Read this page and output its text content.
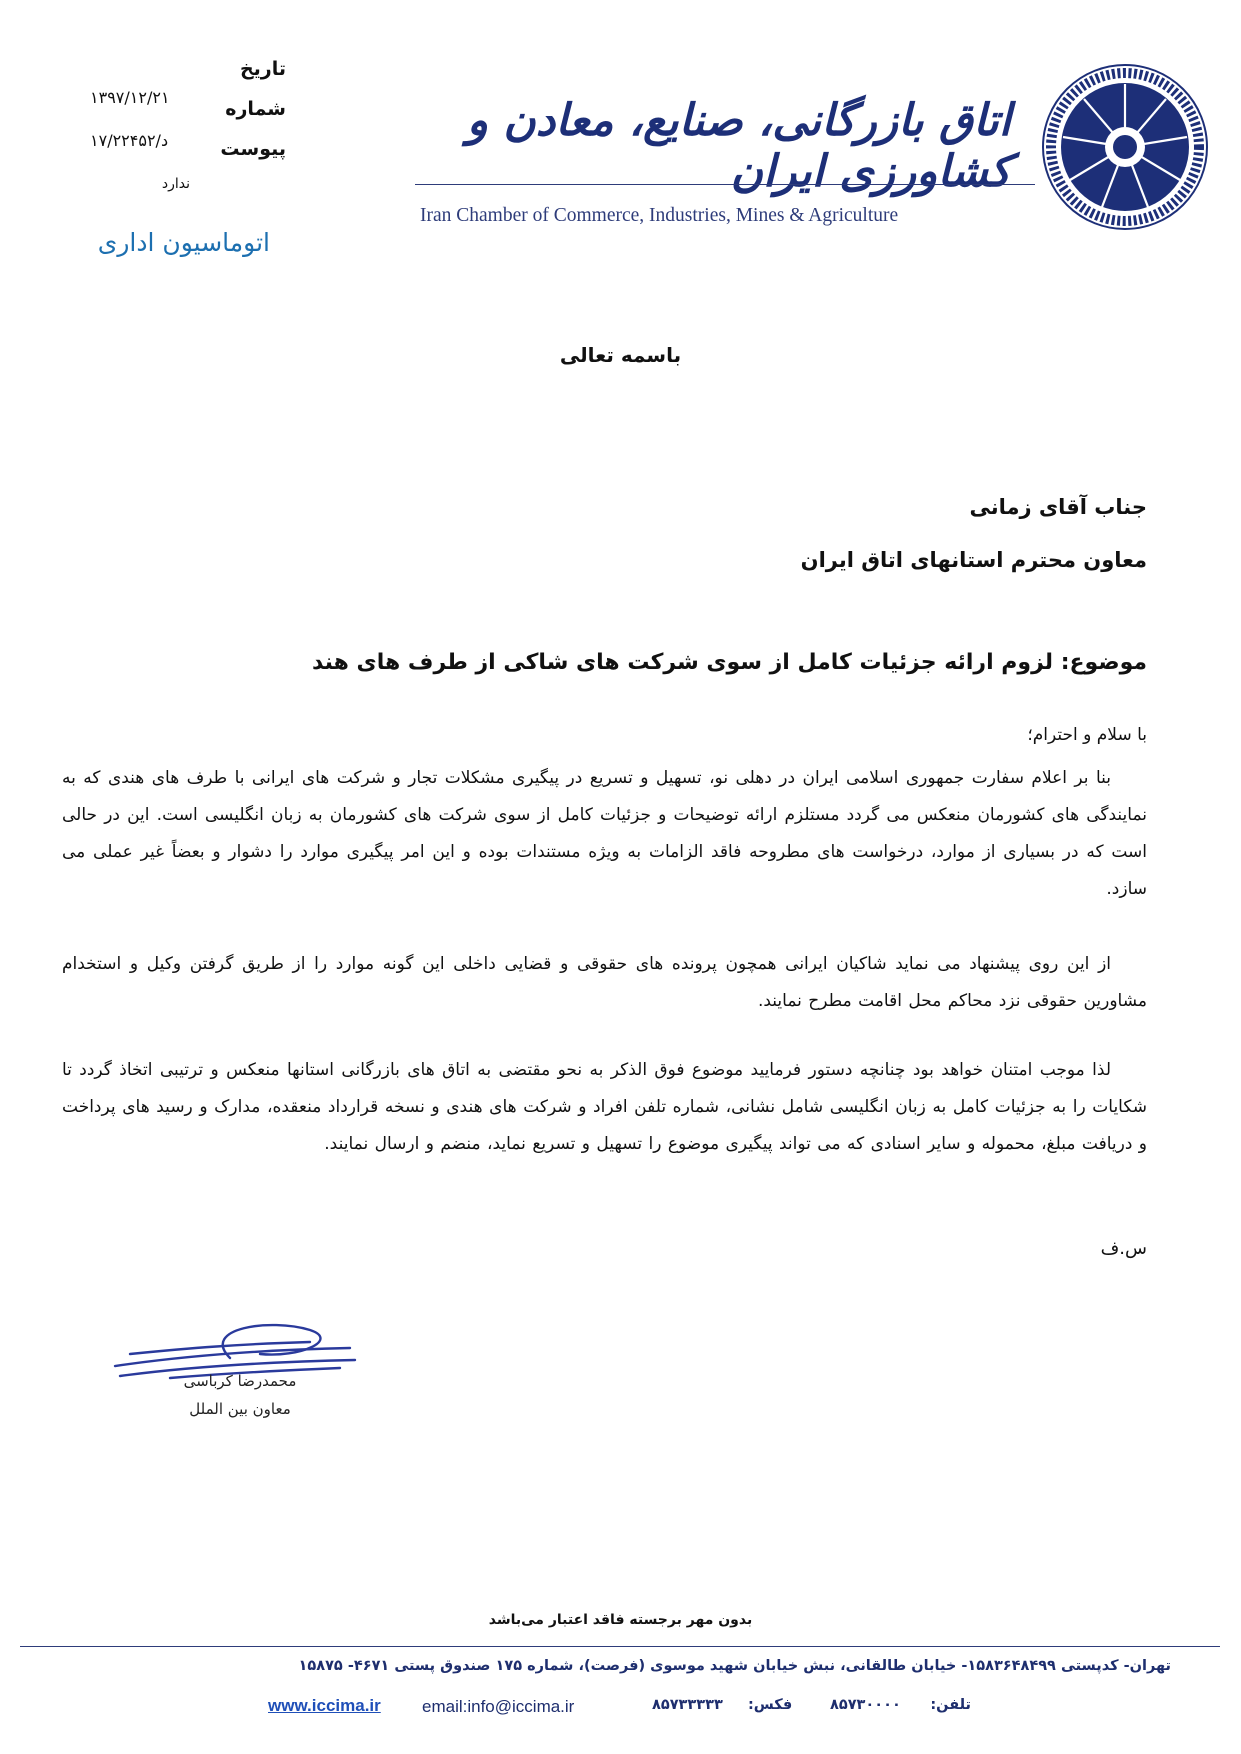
اتاق بازرگانی، صنایع، معادن و کشاورزی ایران
Iran Chamber of Commerce, Industries, Mines & Agriculture
تاریخ
شماره
پیوست
۱۳۹۷/۱۲/۲۱
۱۷/۲۲۴۵۲/د
ندارد
اتوماسیون اداری
باسمه تعالی
جناب آقای زمانی
معاون محترم استانهای اتاق ایران
موضوع: لزوم ارائه جزئیات کامل از سوی شرکت های شاکی از طرف های هند
با سلام و احترام؛
بنا بر اعلام سفارت جمهوری اسلامی ایران در دهلی نو، تسهیل و تسریع در پیگیری مشکلات تجار و شرکت های ایرانی با طرف های هندی که به نمایندگی های کشورمان منعکس می گردد مستلزم ارائه توضیحات و جزئیات کامل از سوی شرکت های کشورمان به زبان انگلیسی است. این در حالی است که در بسیاری از موارد، درخواست های مطروحه فاقد الزامات به ویژه مستندات بوده و این امر پیگیری موارد را دشوار و بعضاً غیر عملی می سازد.
از این روی پیشنهاد می نماید شاکیان ایرانی همچون پرونده های حقوقی و قضایی داخلی این گونه موارد را از طریق گرفتن وکیل و استخدام مشاورین حقوقی نزد محاکم محل اقامت مطرح نمایند.
لذا موجب امتنان خواهد بود چنانچه دستور فرمایید موضوع فوق الذکر به نحو مقتضی به اتاق های بازرگانی استانها منعکس و ترتیبی اتخاذ گردد تا شکایات را به جزئیات کامل به زبان انگلیسی شامل نشانی، شماره تلفن افراد و شرکت های هندی و نسخه قرارداد منعقده، مدارک و رسید های پرداخت و دریافت مبلغ، محموله و سایر اسنادی که می تواند پیگیری موضوع را تسهیل و تسریع نماید، منضم و ارسال نمایند.
س.ف
محمدرضا کرباسی
معاون بین الملل
بدون مهر برجسته فاقد اعتبار می‌باشد
تهران- کدپستی ۱۵۸۳۶۴۸۴۹۹- خیابان طالقانی، نبش خیابان شهید موسوی (فرصت)، شماره ۱۷۵ صندوق پستی ۴۶۷۱- ۱۵۸۷۵
تلفن:
۸۵۷۳۰۰۰۰
فکس:
۸۵۷۳۳۳۳۳
email:info@iccima.ir
www.iccima.ir
